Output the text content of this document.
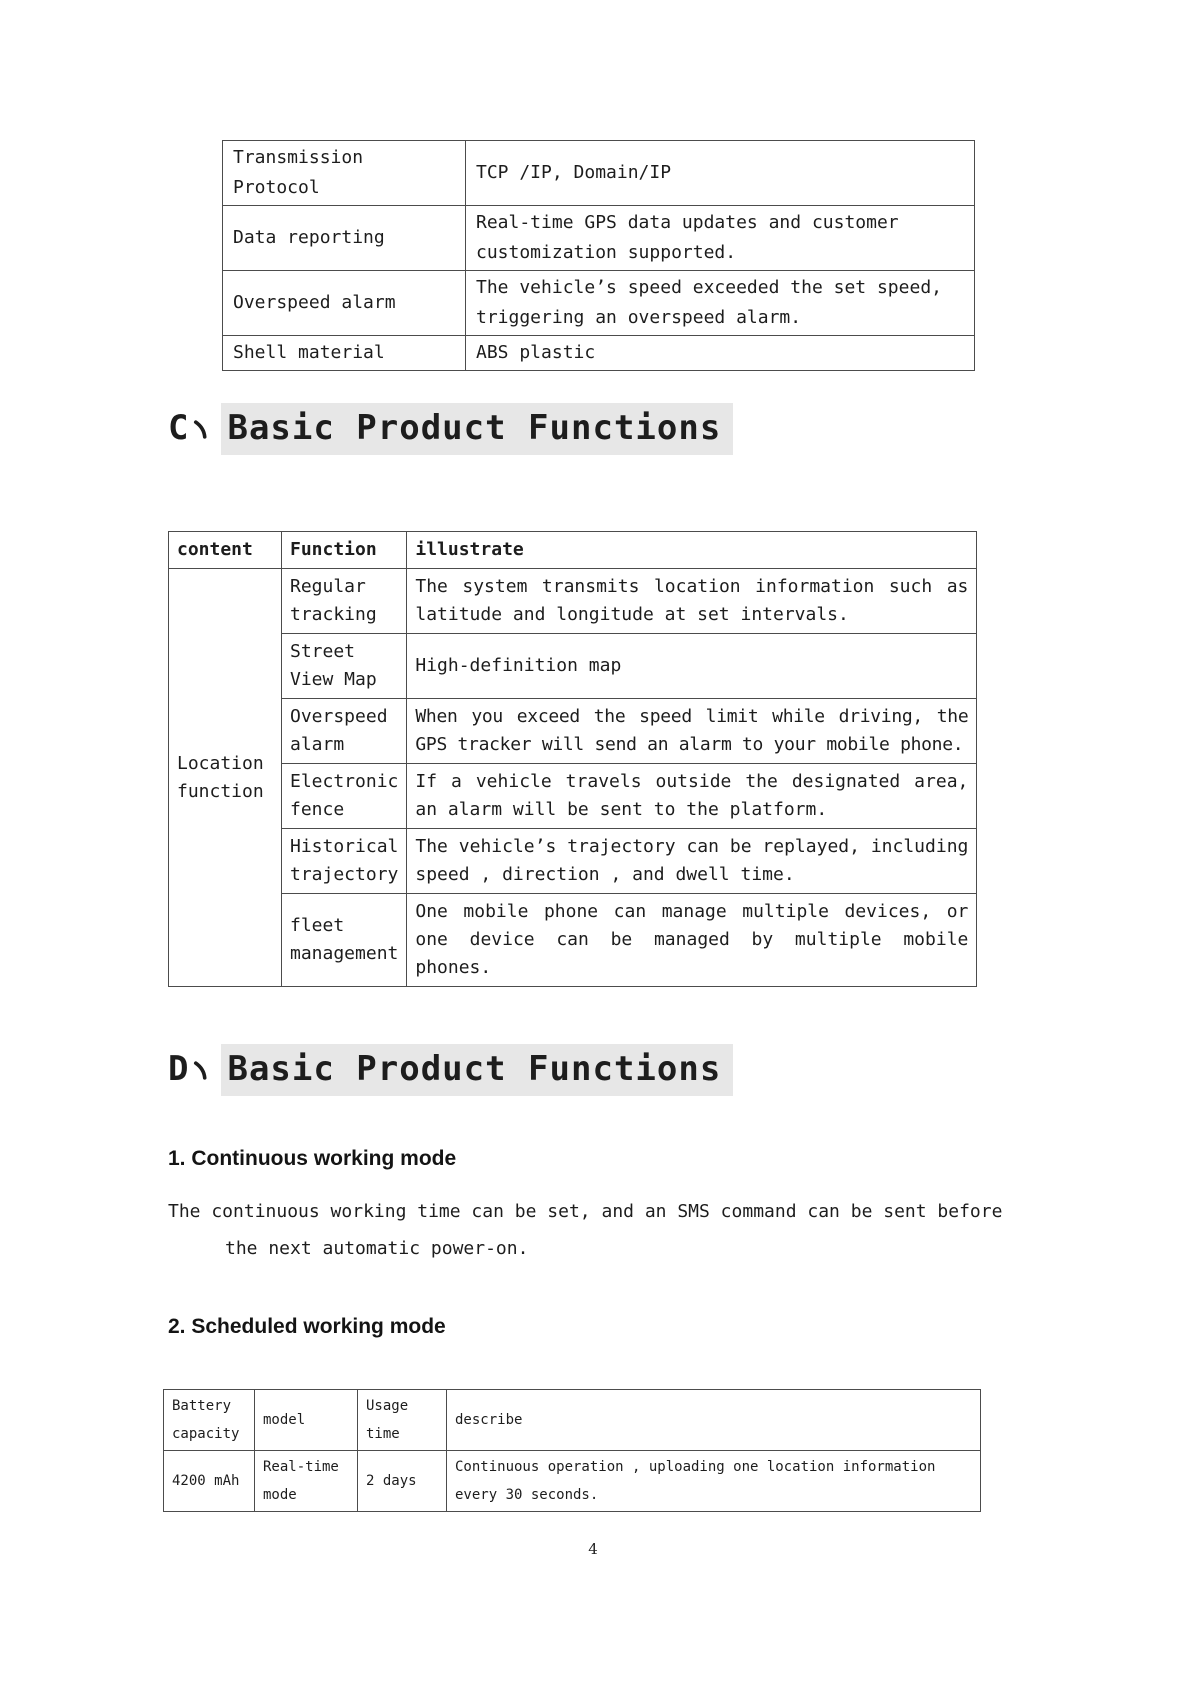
Transmission Protocol	TCP /IP, Domain/IP
Data reporting	Real-time GPS data updates and customer customization supported.
Overspeed alarm	The vehicle’s speed exceeded the set speed, triggering an overspeed alarm.
Shell material	ABS plastic
C Basic Product Functions
content	Function	illustrate
Location function	Regular tracking	The system transmits location information such as latitude and longitude at set intervals.
	Street View Map	High-definition map
	Overspeed alarm	When you exceed the speed limit while driving, the GPS tracker will send an alarm to your mobile phone.
	Electronic fence	If a vehicle travels outside the designated area, an alarm will be sent to the platform.
	Historical trajectory	The vehicle’s trajectory can be replayed, including speed , direction , and dwell time.
	fleet management	One mobile phone can manage multiple devices, or one device can be managed by multiple mobile phones.
D Basic Product Functions
1. Continuous working mode

The continuous working time can be set, and an SMS command can be sent before the next automatic power-on.

2. Scheduled working mode
Battery capacity	model	Usage time	describe
4200 mAh	Real-time mode	2 days	Continuous operation , uploading one location information every 30 seconds.
4
